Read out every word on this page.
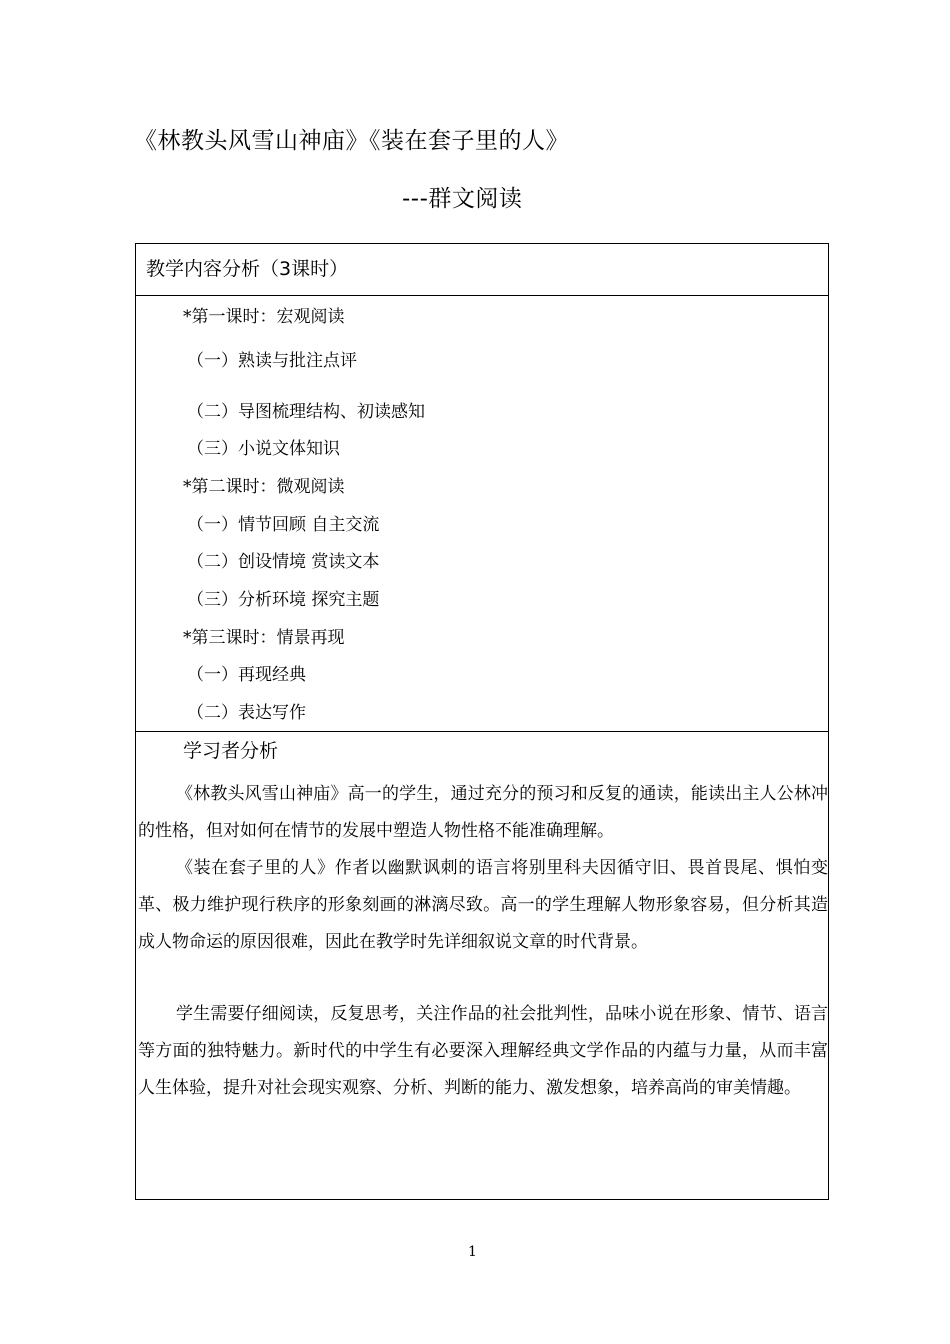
《林教头风雪山神庙》《装在套子里的人》
---群文阅读
教学内容分析（3课时）
*第一课时：宏观阅读
（一）熟读与批注点评
（二）导图梳理结构、初读感知
（三）小说文体知识
*第二课时：微观阅读
（一）情节回顾 自主交流
（二）创设情境 赏读文本
（三）分析环境 探究主题
*第三课时：情景再现
（一）再现经典
（二）表达写作
学习者分析
《林教头风雪山神庙》高一的学生，通过充分的预习和反复的通读，能读出主人公林冲的性格，但对如何在情节的发展中塑造人物性格不能准确理解。
《装在套子里的人》作者以幽默讽刺的语言将别里科夫因循守旧、畏首畏尾、惧怕变革、极力维护现行秩序的形象刻画的淋漓尽致。高一的学生理解人物形象容易，但分析其造成人物命运的原因很难，因此在教学时先详细叙说文章的时代背景。
学生需要仔细阅读，反复思考，关注作品的社会批判性，品味小说在形象、情节、语言等方面的独特魅力。新时代的中学生有必要深入理解经典文学作品的内蕴与力量，从而丰富人生体验，提升对社会现实观察、分析、判断的能力、激发想象，培养高尚的审美情趣。
1
